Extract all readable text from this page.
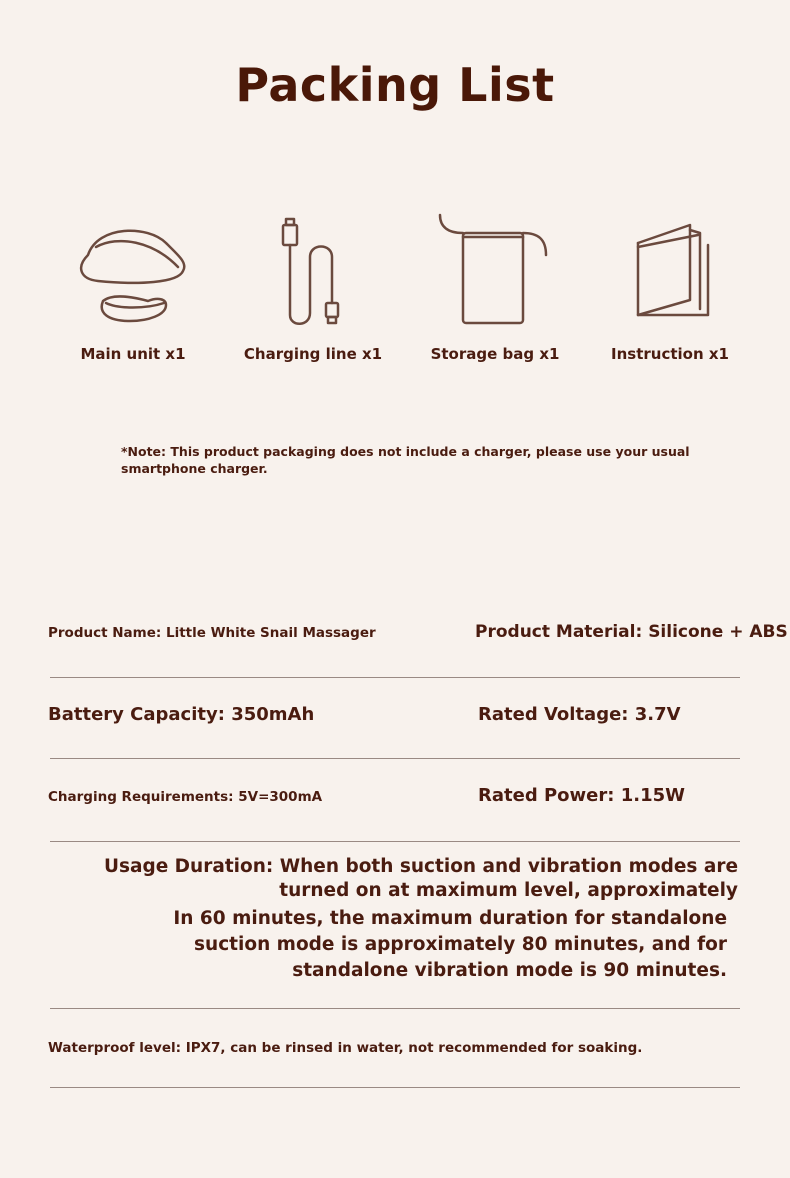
Packing List
Main unit x1	Charging line x1	Storage bag x1	Instruction x1
*Note: This product packaging does not include a charger, please use your usual smartphone charger.
Product Name: Little White Snail Massager	Product Material: Silicone + ABS
Battery Capacity: 350mAh	Rated Voltage: 3.7V
Charging Requirements: 5V=300mA	Rated Power: 1.15W
Usage Duration: When both suction and vibration modes are turned on at maximum level, approximately
In 60 minutes, the maximum duration for standalone suction mode is approximately 80 minutes, and for standalone vibration mode is 90 minutes.
Waterproof level: IPX7, can be rinsed in water, not recommended for soaking.
